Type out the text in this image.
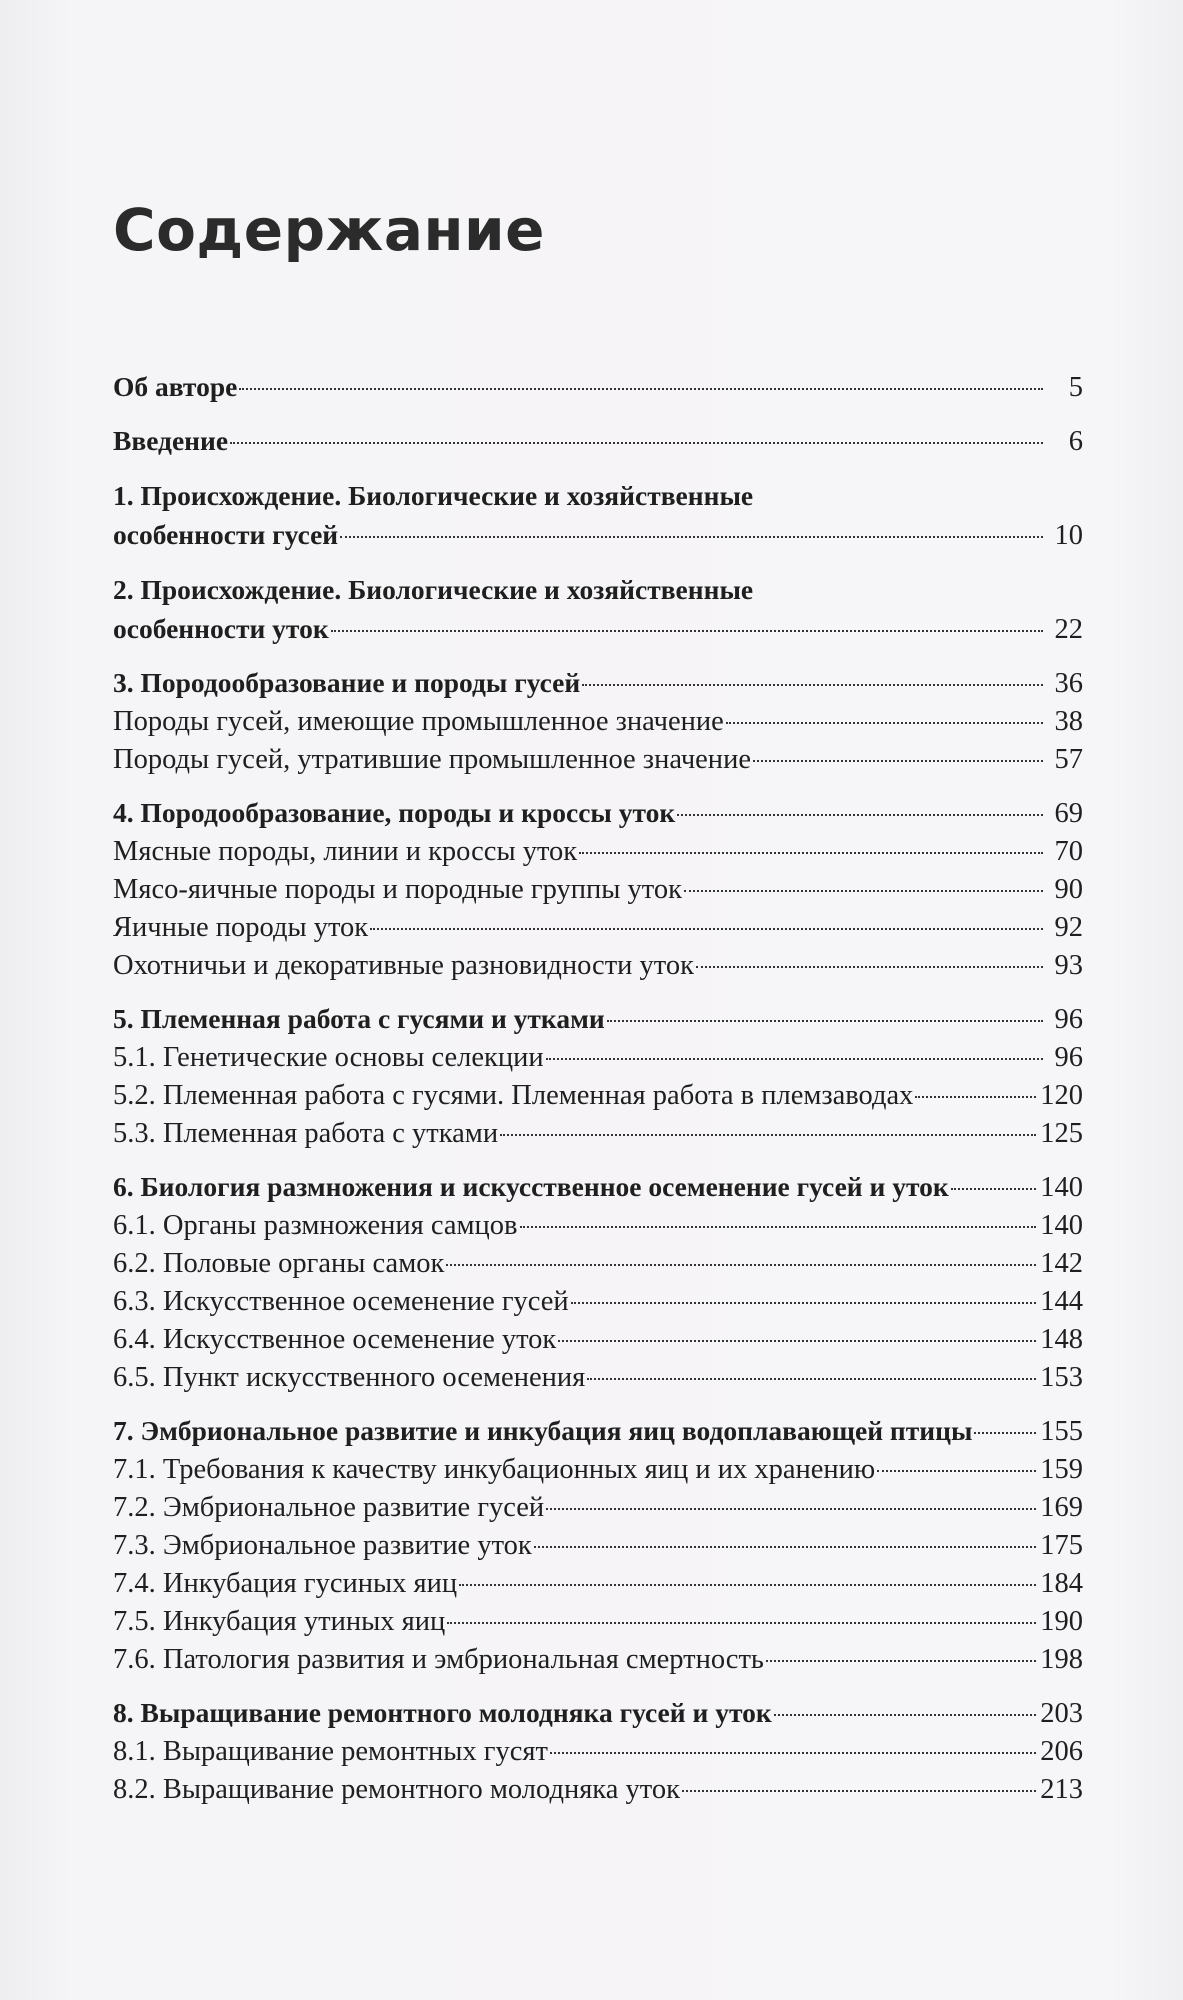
Содержание
Об авторе	5
Введение	6
1. Происхождение. Биологические и хозяйственные
особенности гусей	10
2. Происхождение. Биологические и хозяйственные
особенности уток	22
3. Породообразование и породы гусей	36
Породы гусей, имеющие промышленное значение	38
Породы гусей, утратившие промышленное значение	57
4. Породообразование, породы и кроссы уток	69
Мясные породы, линии и кроссы уток	70
Мясо-яичные породы и породные группы уток	90
Яичные породы уток	92
Охотничьи и декоративные разновидности уток	93
5. Племенная работа с гусями и утками	96
5.1. Генетические основы селекции	96
5.2. Племенная работа с гусями. Племенная работа в племзаводах	120
5.3. Племенная работа с утками	125
6. Биология размножения и искусственное осеменение гусей и уток	140
6.1. Органы размножения самцов	140
6.2. Половые органы самок	142
6.3. Искусственное осеменение гусей	144
6.4. Искусственное осеменение уток	148
6.5. Пункт искусственного осеменения	153
7. Эмбриональное развитие и инкубация яиц водоплавающей птицы 155
7.1. Требования к качеству инкубационных яиц и их хранению	159
7.2. Эмбриональное развитие гусей	169
7.3. Эмбриональное развитие уток	175
7.4. Инкубация гусиных яиц	184
7.5. Инкубация утиных яиц	190
7.6. Патология развития и эмбриональная смертность	198
8. Выращивание ремонтного молодняка гусей и уток	203
8.1. Выращивание ремонтных гусят	206
8.2. Выращивание ремонтного молодняка уток	213
